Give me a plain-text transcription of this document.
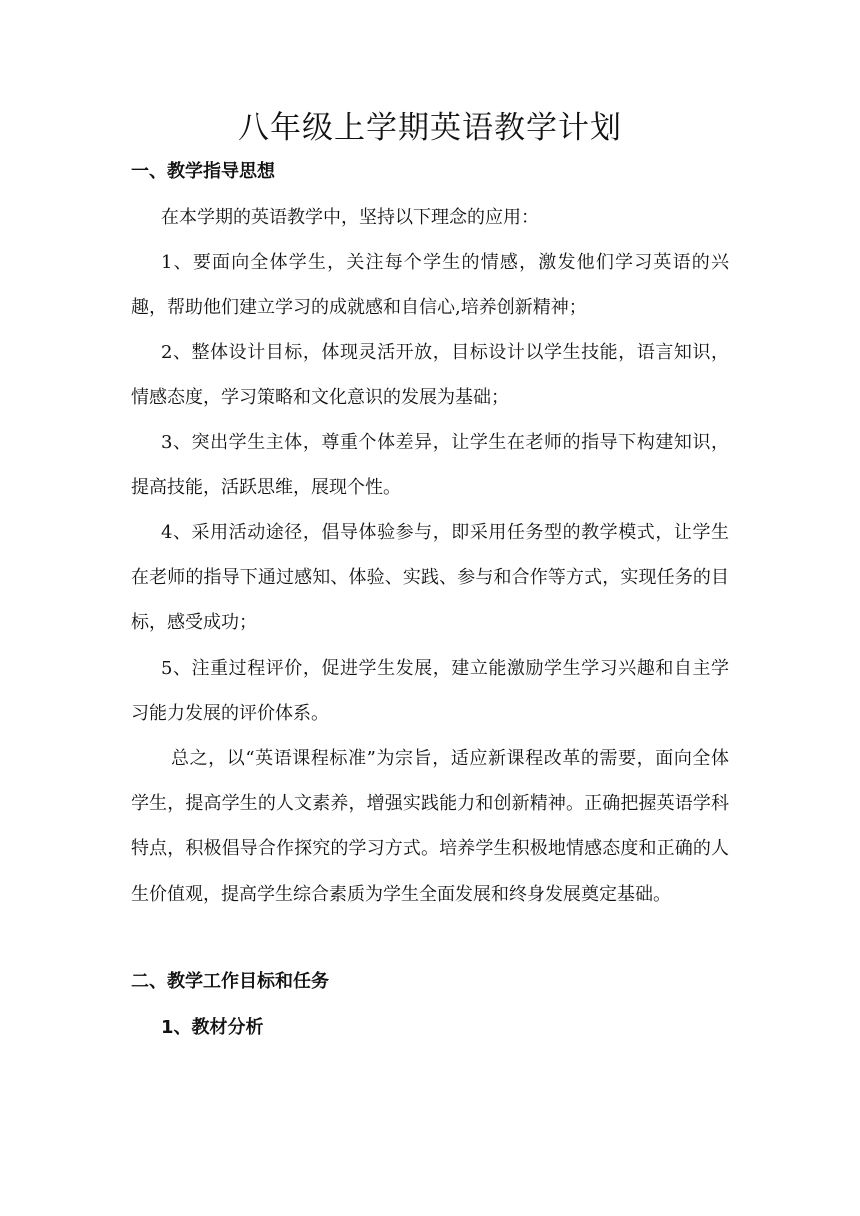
八年级上学期英语教学计划
一、教学指导思想

在本学期的英语教学中，坚持以下理念的应用：

1、要面向全体学生，关注每个学生的情感，激发他们学习英语的兴趣，帮助他们建立学习的成就感和自信心,培养创新精神；

2、整体设计目标，体现灵活开放，目标设计以学生技能，语言知识，情感态度，学习策略和文化意识的发展为基础；

3、突出学生主体，尊重个体差异，让学生在老师的指导下构建知识，提高技能，活跃思维，展现个性。

4、采用活动途径，倡导体验参与，即采用任务型的教学模式，让学生在老师的指导下通过感知、体验、实践、参与和合作等方式，实现任务的目标，感受成功；

5、注重过程评价，促进学生发展，建立能激励学生学习兴趣和自主学习能力发展的评价体系。

总之，以“英语课程标准”为宗旨，适应新课程改革的需要，面向全体学生，提高学生的人文素养，增强实践能力和创新精神。正确把握英语学科特点，积极倡导合作探究的学习方式。培养学生积极地情感态度和正确的人生价值观，提高学生综合素质为学生全面发展和终身发展奠定基础。

二、教学工作目标和任务
1、教材分析
